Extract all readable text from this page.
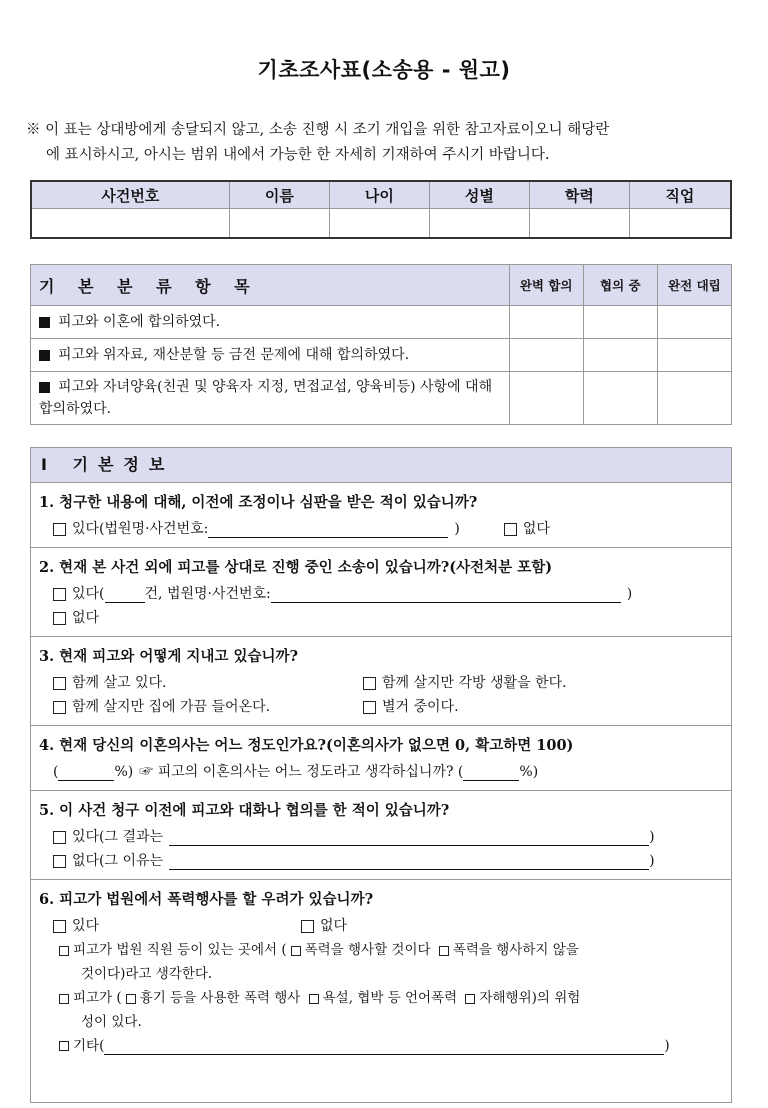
기초조사표(소송용 - 원고)
※ 이 표는 상대방에게 송달되지 않고, 소송 진행 시 조기 개입을 위한 참고자료이오니 해당란
에 표시하시고, 아시는 범위 내에서 가능한 한 자세히 기재하여 주시기 바랍니다.
사건번호	이름	나이	성별	학력	직업

기 본 분 류 항 목	완벽 합의	협의 중	완전 대립
피고와 이혼에 합의하였다.			
피고와 위자료, 재산분할 등 금전 문제에 대해 합의하였다.			
피고와 자녀양육(친권 및 양육자 지정, 면접교섭, 양육비등) 사항에 대해 합의하였다.			
I 기본정보
1. 청구한 내용에 대해, 이전에 조정이나 심판을 받은 적이 있습니까?
있다(법원명·사건번호:	)	없다
2. 현재 본 사건 외에 피고를 상대로 진행 중인 소송이 있습니까?(사전처분 포함)
있다(	건, 법원명·사건번호:	)
없다
3. 현재 피고와 어떻게 지내고 있습니까?
함께 살고 있다.	함께 살지만 각방 생활을 한다.
함께 살지만 집에 가끔 들어온다.	별거 중이다.
4. 현재 당신의 이혼의사는 어느 정도인가요?(이혼의사가 없으면 0, 확고하면 100)
(	%) ☞ 피고의 이혼의사는 어느 정도라고 생각하십니까? (	%)
5. 이 사건 청구 이전에 피고와 대화나 협의를 한 적이 있습니까?
있다(그 결과는	)
없다(그 이유는	)
6. 피고가 법원에서 폭력행사를 할 우려가 있습니까?
있다	없다
피고가 법원 직원 등이 있는 곳에서 ( 폭력을 행사할 것이다 폭력을 행사하지 않을
것이다)라고 생각한다.
피고가 ( 흉기 등을 사용한 폭력 행사 욕설, 협박 등 언어폭력 자해행위)의 위험
성이 있다.
기타(	)
